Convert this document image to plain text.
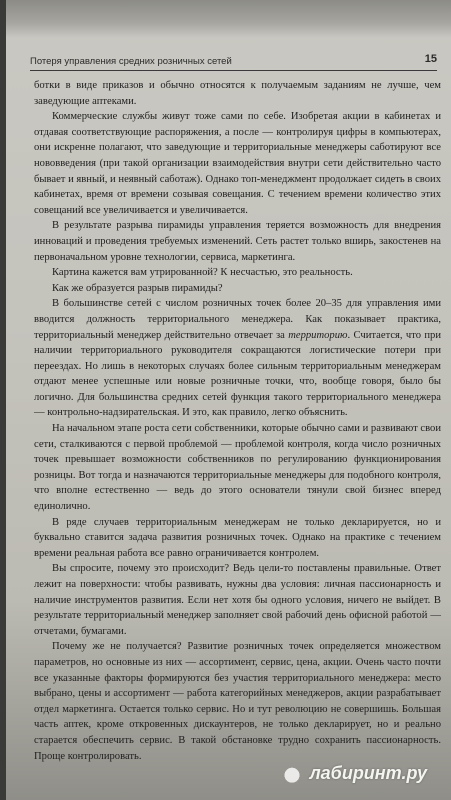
Потеря управления средних розничных сетей	15

ботки в виде приказов и обычно относятся к получаемым заданиям не лучше, чем заведующие аптеками.

Коммерческие службы живут тоже сами по себе. Изобретая акции в кабинетах и отдавая соответствующие распоряжения, а после — контролируя цифры в компьютерах, они искренне полагают, что заведующие и территориальные менеджеры саботируют все нововведения (при такой организации взаимодействия внутри сети действительно часто бывает и явный, и неявный саботаж). Однако топ-менеджмент продолжает сидеть в своих кабинетах, время от времени созывая совещания. С течением времени количество этих совещаний все увеличивается и увеличивается.

В результате разрыва пирамиды управления теряется возможность для внедрения инноваций и проведения требуемых изменений. Сеть растет только вширь, закостенев на первоначальном уровне технологии, сервиса, маркетинга.

Картина кажется вам утрированной? К несчастью, это реальность.

Как же образуется разрыв пирамиды?

В большинстве сетей с числом розничных точек более 20–35 для управления ими вводится должность территориального менеджера. Как показывает практика, территориальный менеджер действительно отвечает за территорию. Считается, что при наличии территориального руководителя сокращаются логистические потери при переездах. Но лишь в некоторых случаях более сильным территориальным менеджерам отдают менее успешные или новые розничные точки, что, вообще говоря, было бы логично. Для большинства средних сетей функция такого территориального менеджера — контрольно-надзирательская. И это, как правило, легко объяснить.

На начальном этапе роста сети собственники, которые обычно сами и развивают свои сети, сталкиваются с первой проблемой — проблемой контроля, когда число розничных точек превышает возможности собственников по регулированию функционирования розницы. Вот тогда и назначаются территориальные менеджеры для подобного контроля, что вполне естественно — ведь до этого основатели тянули свой бизнес вперед единолично.

В ряде случаев территориальным менеджерам не только декларируется, но и буквально ставится задача развития розничных точек. Однако на практике с течением времени реальная работа все равно ограничивается контролем.

Вы спросите, почему это происходит? Ведь цели-то поставлены правильные. Ответ лежит на поверхности: чтобы развивать, нужны два условия: личная пассионарность и наличие инструментов развития. Если нет хотя бы одного условия, ничего не выйдет. В результате территориальный менеджер заполняет свой рабочий день офисной работой — отчетами, бумагами.

Почему же не получается? Развитие розничных точек определяется множеством параметров, но основные из них — ассортимент, сервис, цена, акции. Очень часто почти все указанные факторы формируются без участия территориального менеджера: место выбрано, цены и ассортимент — работа категорийных менеджеров, акции разрабатывает отдел маркетинга. Остается только сервис. Но и тут революцию не совершишь. Большая часть аптек, кроме откровенных дискаунтеров, не только декларирует, но и реально старается обеспечить сервис. В такой обстановке трудно сохранить пассионарность. Проще контролировать.

лабиринт.ру
